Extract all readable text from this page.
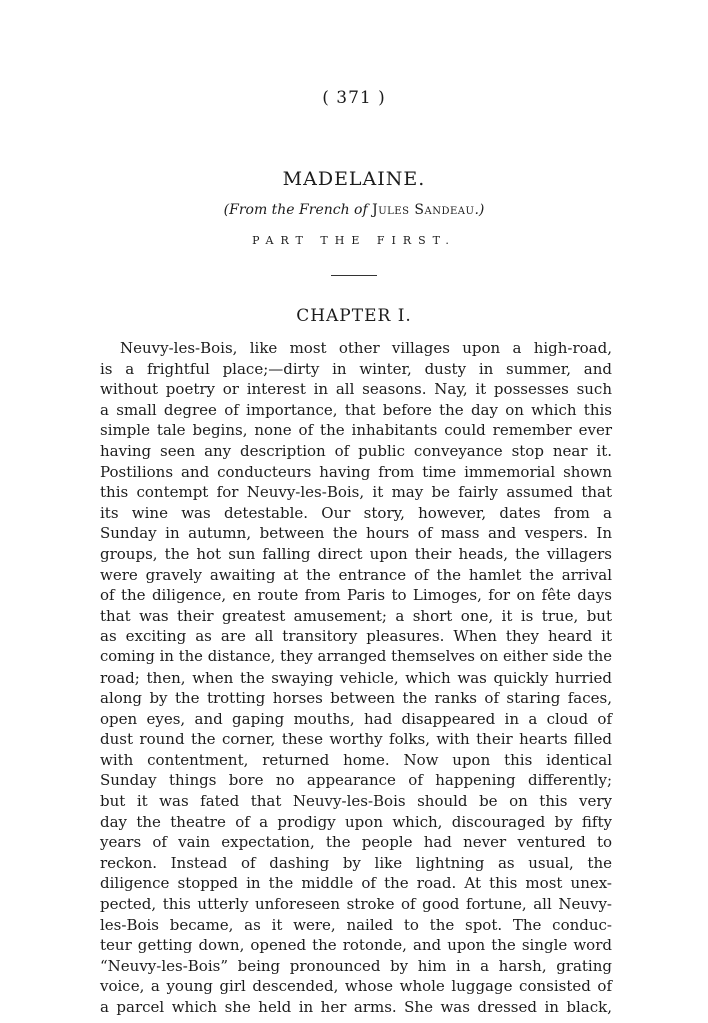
( 371 )
MADELAINE.
(From the French of Jules Sandeau.)
PART THE FIRST.
CHAPTER I.
Neuvy-les-Bois, like most other villages upon a high-road,
is a frightful place;—dirty in winter, dusty in summer, and
without poetry or interest in all seasons. Nay, it possesses such
a small degree of importance, that before the day on which this
simple tale begins, none of the inhabitants could remember ever
having seen any description of public conveyance stop near it.
Postilions and conducteurs having from time immemorial shown
this contempt for Neuvy-les-Bois, it may be fairly assumed that
its wine was detestable. Our story, however, dates from a
Sunday in autumn, between the hours of mass and vespers. In
groups, the hot sun falling direct upon their heads, the villagers
were gravely awaiting at the entrance of the hamlet the arrival
of the diligence, en route from Paris to Limoges, for on fête days
that was their greatest amusement; a short one, it is true, but
as exciting as are all transitory pleasures. When they heard it
coming in the distance, they arranged themselves on either side the
road; then, when the swaying vehicle, which was quickly hurried
along by the trotting horses between the ranks of staring faces,
open eyes, and gaping mouths, had disappeared in a cloud of
dust round the corner, these worthy folks, with their hearts filled
with contentment, returned home. Now upon this identical
Sunday things bore no appearance of happening differently;
but it was fated that Neuvy-les-Bois should be on this very
day the theatre of a prodigy upon which, discouraged by fifty
years of vain expectation, the people had never ventured to
reckon. Instead of dashing by like lightning as usual, the
diligence stopped in the middle of the road. At this most unex-
pected, this utterly unforeseen stroke of good fortune, all Neuvy-
les-Bois became, as it were, nailed to the spot. The conduc-
teur getting down, opened the rotonde, and upon the single word
“Neuvy-les-Bois” being pronounced by him in a harsh, grating
voice, a young girl descended, whose whole luggage consisted of
a parcel which she held in her arms. She was dressed in black,
